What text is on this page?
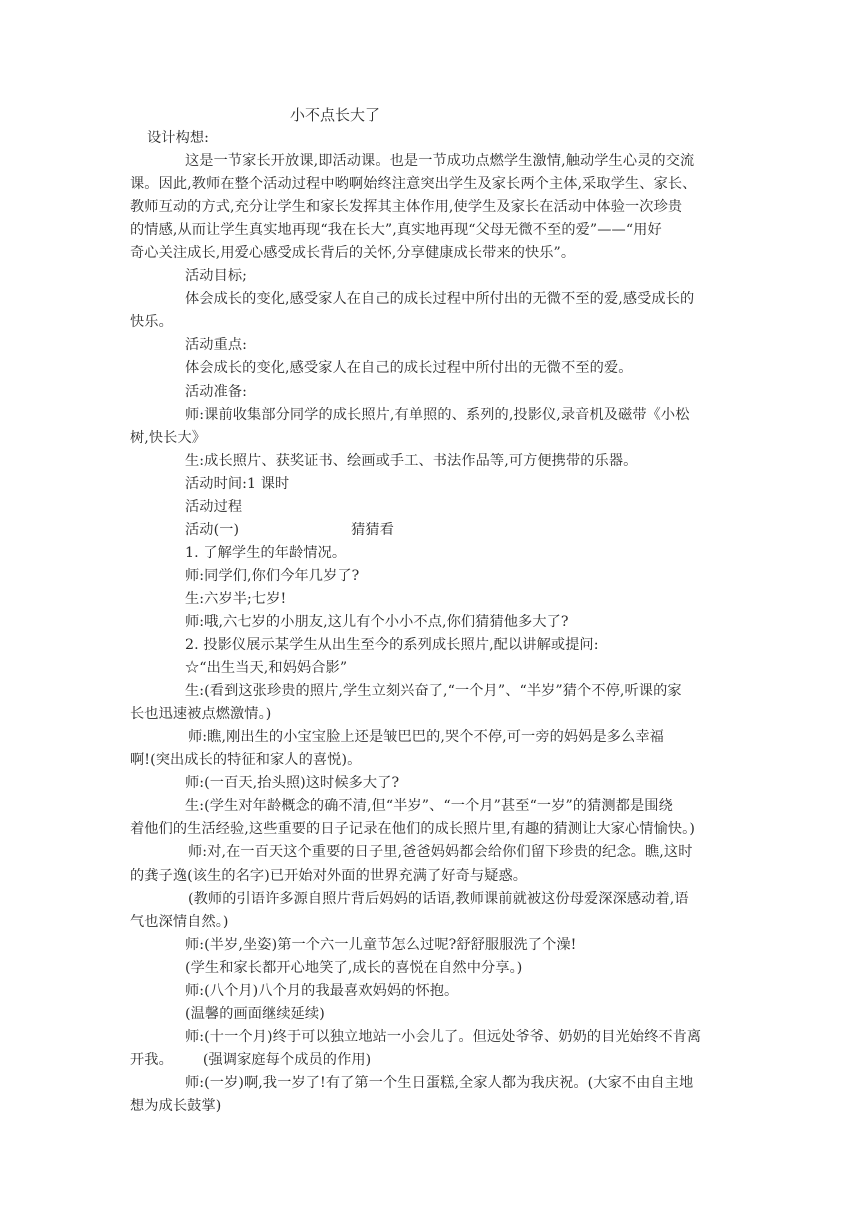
小不点长大了
设计构想:
这是一节家长开放课,即活动课。也是一节成功点燃学生激情,触动学生心灵的交流
课。因此,教师在整个活动过程中哟啊始终注意突出学生及家长两个主体,采取学生、家长、
教师互动的方式,充分让学生和家长发挥其主体作用,使学生及家长在活动中体验一次珍贵
的情感,从而让学生真实地再现“我在长大”,真实地再现“父母无微不至的爱”——“用好
奇心关注成长,用爱心感受成长背后的关怀,分享健康成长带来的快乐”。
活动目标;
体会成长的变化,感受家人在自己的成长过程中所付出的无微不至的爱,感受成长的
快乐。
活动重点:
体会成长的变化,感受家人在自己的成长过程中所付出的无微不至的爱。
活动准备:
师:课前收集部分同学的成长照片,有单照的、系列的,投影仪,录音机及磁带《小松
树,快长大》
生:成长照片、获奖证书、绘画或手工、书法作品等,可方便携带的乐器。
活动时间:1 课时
活动过程
活动(一)	猜猜看
1. 了解学生的年龄情况。
师:同学们,你们今年几岁了?
生:六岁半;七岁!
师:哦,六七岁的小朋友,这儿有个小小不点,你们猜猜他多大了?
2. 投影仪展示某学生从出生至今的系列成长照片,配以讲解或提问:
☆“出生当天,和妈妈合影”
生:(看到这张珍贵的照片,学生立刻兴奋了,“一个月”、“半岁”猜个不停,听课的家
长也迅速被点燃激情。)
师:瞧,刚出生的小宝宝脸上还是皱巴巴的,哭个不停,可一旁的妈妈是多么幸福
啊!(突出成长的特征和家人的喜悦)。
师:(一百天,抬头照)这时候多大了?
生:(学生对年龄概念的确不清,但“半岁”、“一个月”甚至“一岁”的猜测都是围绕
着他们的生活经验,这些重要的日子记录在他们的成长照片里,有趣的猜测让大家心情愉快。)
师:对,在一百天这个重要的日子里,爸爸妈妈都会给你们留下珍贵的纪念。瞧,这时
的龚子逸(该生的名字)已开始对外面的世界充满了好奇与疑惑。
(教师的引语许多源自照片背后妈妈的话语,教师课前就被这份母爱深深感动着,语
气也深情自然。)
师:(半岁,坐姿)第一个六一儿童节怎么过呢?舒舒服服洗了个澡!
(学生和家长都开心地笑了,成长的喜悦在自然中分享。)
师:(八个月)八个月的我最喜欢妈妈的怀抱。
(温馨的画面继续延续)
师:(十一个月)终于可以独立地站一小会儿了。但远处爷爷、奶奶的目光始终不肯离
开我。 (强调家庭每个成员的作用)
师:(一岁)啊,我一岁了!有了第一个生日蛋糕,全家人都为我庆祝。(大家不由自主地
想为成长鼓掌)
